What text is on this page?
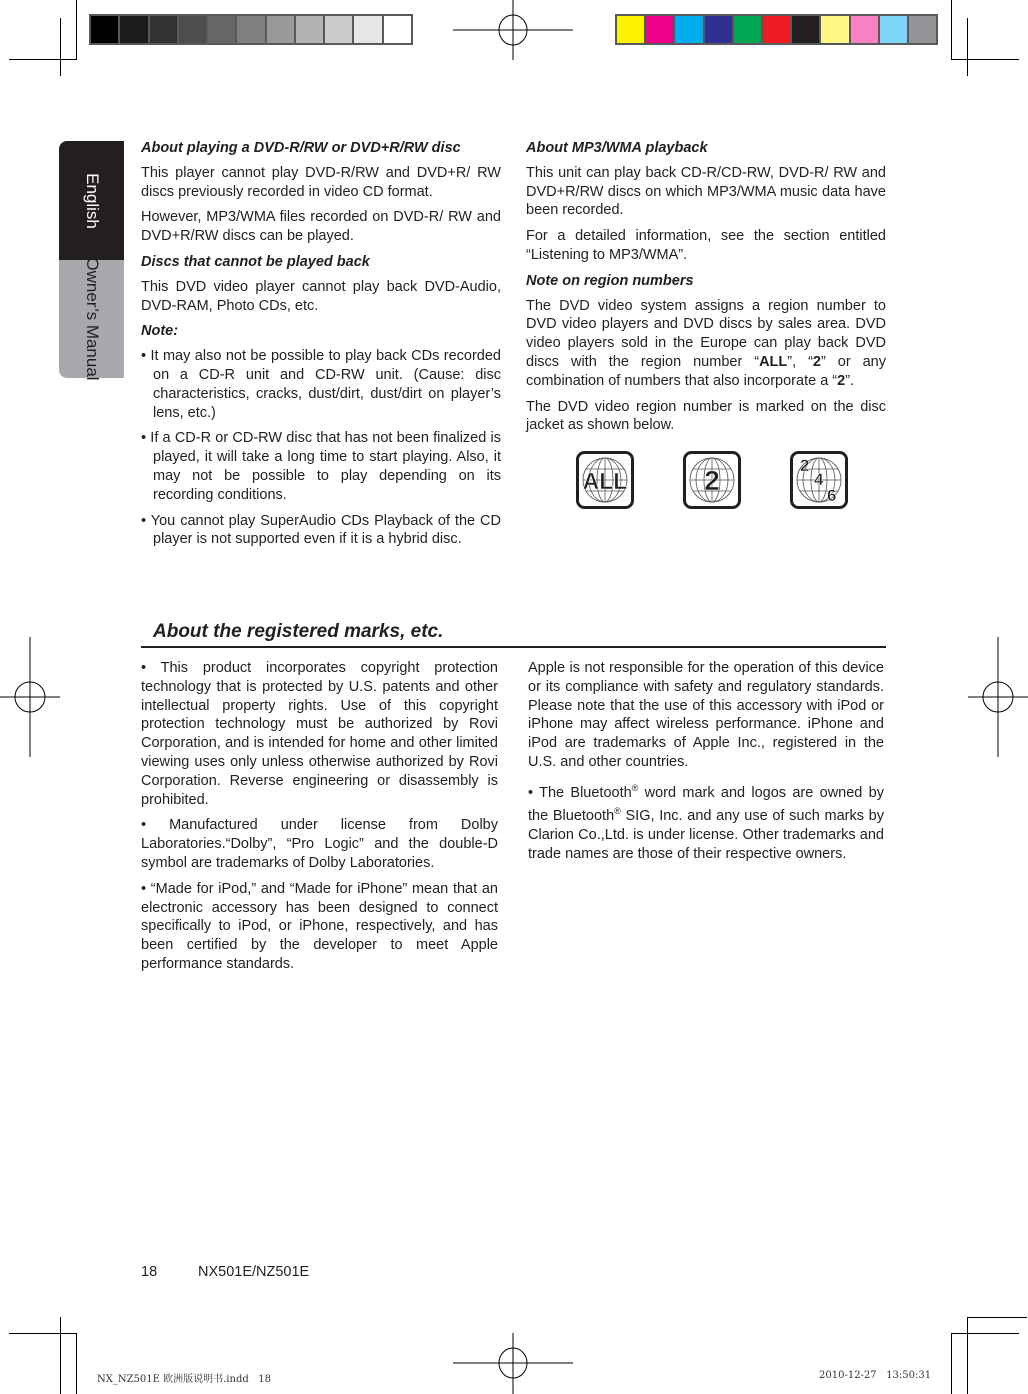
English
Owner’s Manual
About playing a DVD-R/RW or DVD+R/RW disc

This player cannot play DVD-R/RW and DVD+R/ RW discs previously recorded in video CD format.

However, MP3/WMA files recorded on DVD-R/ RW and DVD+R/RW discs can be played.

Discs that cannot be played back

This DVD video player cannot play back DVD-Audio, DVD-RAM, Photo CDs, etc.

Note:

• It may also not be possible to play back CDs recorded on a CD-R unit and CD-RW unit. (Cause: disc characteristics, cracks, dust/dirt, dust/dirt on player’s lens, etc.)

• If a CD-R or CD-RW disc that has not been finalized is played, it will take a long time to start playing. Also, it may not be possible to play depending on its recording conditions.

• You cannot play SuperAudio CDs Playback of the CD player is not supported even if it is a hybrid disc.

About MP3/WMA playback

This unit can play back CD-R/CD-RW, DVD-R/ RW and DVD+R/RW discs on which MP3/WMA music data have been recorded.

For a detailed information, see the section entitled “Listening to MP3/WMA”.

Note on region numbers

The DVD video system assigns a region number to DVD video players and DVD discs by sales area. DVD video players sold in the Europe can play back DVD discs with the region number “ALL”, “2” or any combination of numbers that also incorporate a “2”.

The DVD video region number is marked on the disc jacket as shown below.

ALL	2	2
4
6
About the registered marks, etc.

• This product incorporates copyright protection technology that is protected by U.S. patents and other intellectual property rights. Use of this copyright protection technology must be authorized by Rovi Corporation, and is intended for home and other limited viewing uses only unless otherwise authorized by Rovi Corporation. Reverse engineering or disassembly is prohibited.

• Manufactured under license from Dolby Laboratories.“Dolby”, “Pro Logic” and the double-D symbol are trademarks of Dolby Laboratories.

• “Made for iPod,” and “Made for iPhone” mean that an electronic accessory has been designed to connect specifically to iPod, or iPhone, respectively, and has been certified by the developer to meet Apple performance standards.

Apple is not responsible for the operation of this device or its compliance with safety and regulatory standards. Please note that the use of this accessory with iPod or iPhone may affect wireless performance. iPhone and iPod are trademarks of Apple Inc., registered in the U.S. and other countries.

• The Bluetooth® word mark and logos are owned by the Bluetooth® SIG, Inc. and any use of such marks by Clarion Co.,Ltd. is under license. Other trademarks and trade names are those of their respective owners.

18	NX501E/NZ501E
NX_NZ501E 欧洲版说明书.indd   18	2010-12-27   13:50:31
